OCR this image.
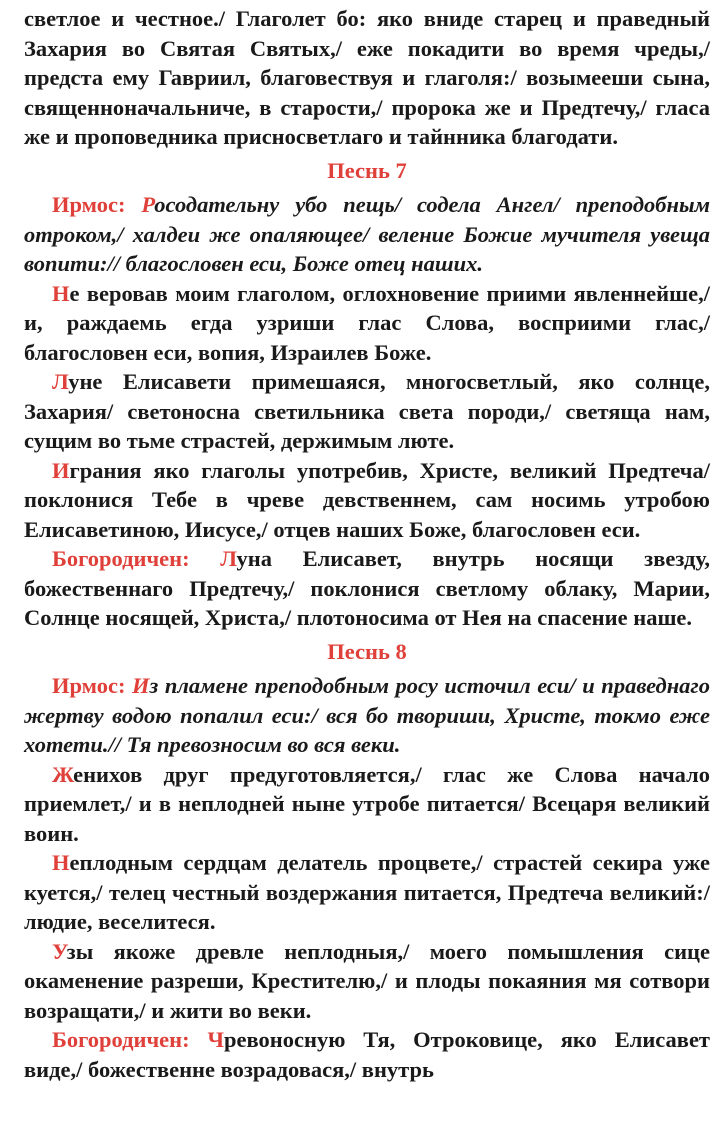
светлое и честное./ Глаголет бо: яко вниде старец и праведный Захария во Святая Святых,/ еже покадити во время чреды,/ предста ему Гавриил, благовествуя и глаголя:/ возымееши сына, священноначальниче, в старости,/ пророка же и Предтечу,/ гласа же и проповедника присносветлаго и тайнника благодати.

Песнь 7

Ирмос: Росодательну убо пещь/ содела Ангел/ преподобным отроком,/ халдеи же опаляющее/ веление Божие мучителя увеща вопити:// благословен еси, Боже отец наших.

Не веровав моим глаголом, оглохновение приими явленнейше,/ и, раждаемь егда узриши глас Слова, восприими глас,/ благословен еси, вопия, Израилев Боже.

Луне Елисавети примешаяся, многосветлый, яко солнце, Захария/ светоносна светильника света породи,/ светяща нам, сущим во тьме страстей, держимым люте.

Играния яко глаголы употребив, Христе, великий Предтеча/ поклонися Тебе в чреве девственнем, сам носимь утробою Елисаветиною, Иисусе,/ отцев наших Боже, благословен еси.

Богородичен: Луна Елисавет, внутрь носящи звезду, божественнаго Предтечу,/ поклонися светлому облаку, Марии, Солнце носящей, Христа,/ плотоносима от Нея на спасение наше.

Песнь 8

Ирмос: Из пламене преподобным росу источил еси/ и праведнаго жертву водою попалил еси:/ вся бо твориши, Христе, токмо еже хотети.// Тя превозносим во вся веки.

Женихов друг предуготовляется,/ глас же Слова начало приемлет,/ и в неплодней ныне утробе питается/ Всецаря великий воин.

Неплодным сердцам делатель процвете,/ страстей секира уже куется,/ телец честный воздержания питается, Предтеча великий:/ людие, веселитеся.

Узы якоже древле неплодныя,/ моего помышления сице окаменение разреши, Крестителю,/ и плоды покаяния мя сотвори возращати,/ и жити во веки.

Богородичен: Чревоносную Тя, Отроковице, яко Елисавет виде,/ божественне возрадовася,/ внутрь
